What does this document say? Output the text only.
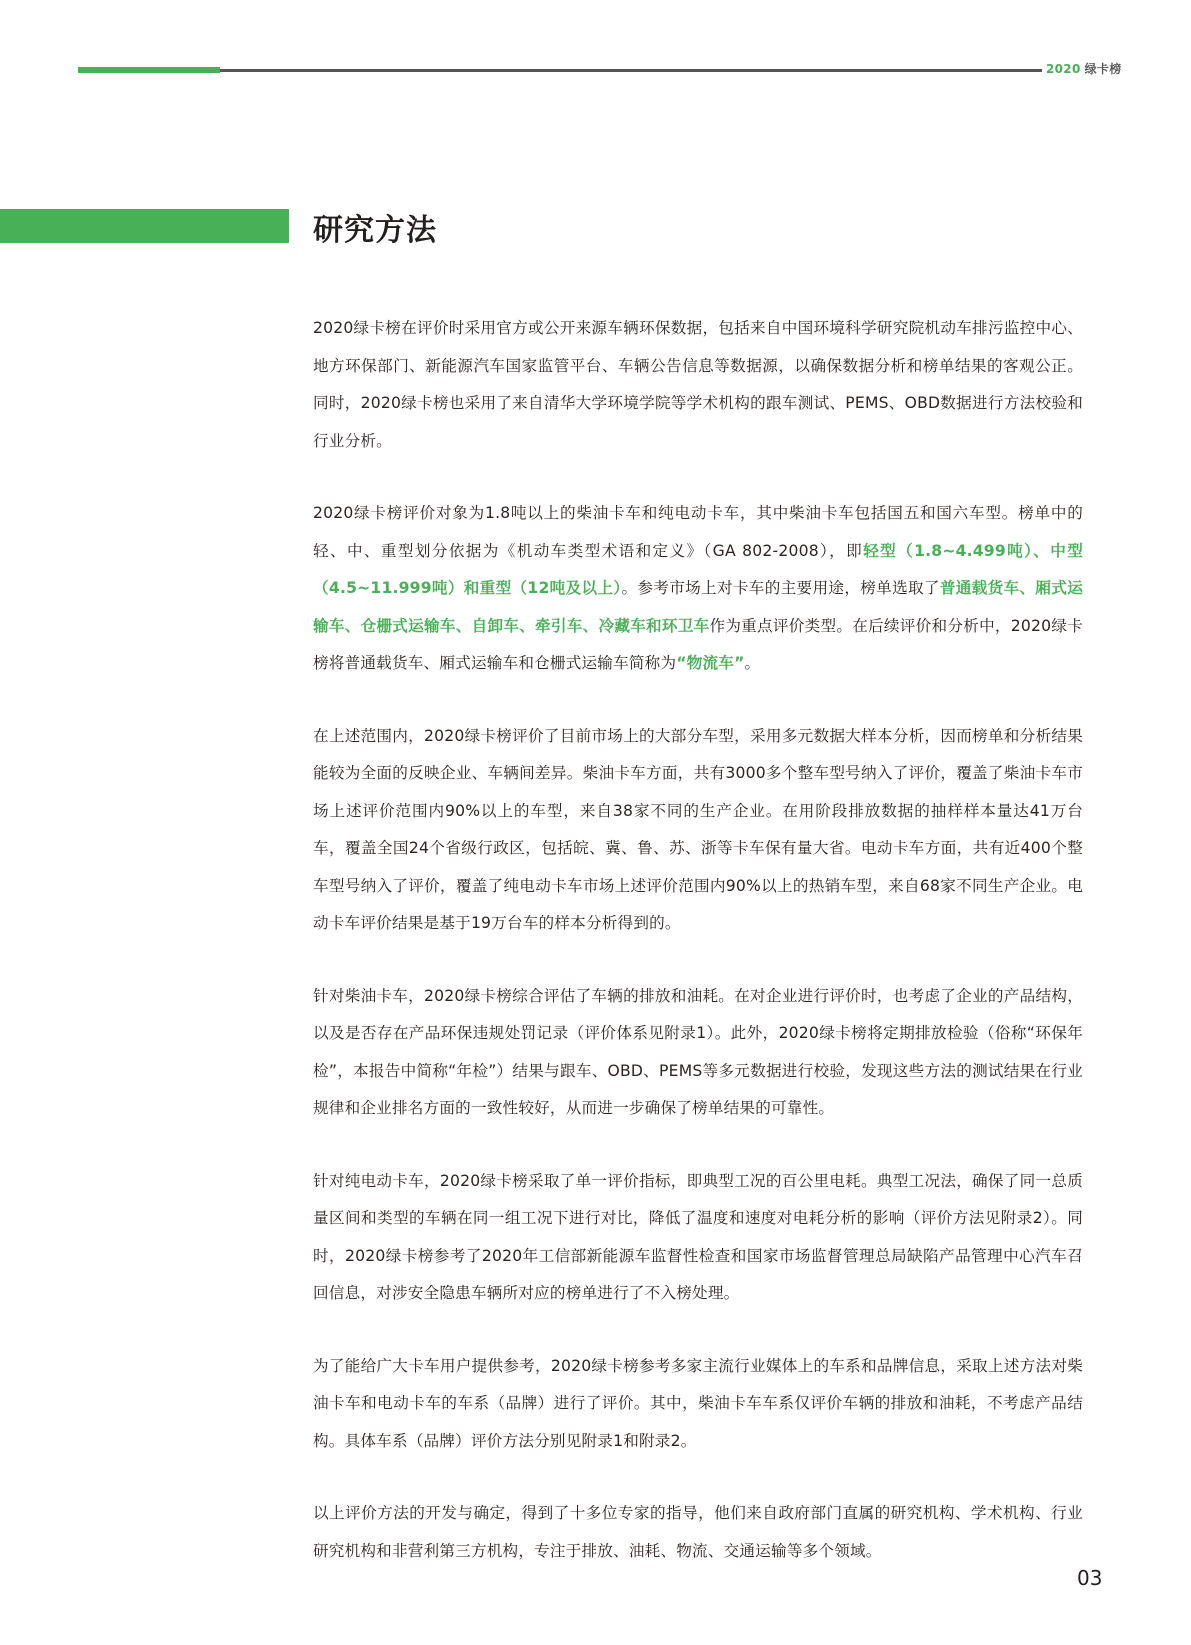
2020 绿卡榜
研究方法

2020绿卡榜在评价时采用官方或公开来源车辆环保数据，包括来自中国环境科学研究院机动车排污监控中心、地方环保部门、新能源汽车国家监管平台、车辆公告信息等数据源，以确保数据分析和榜单结果的客观公正。同时，2020绿卡榜也采用了来自清华大学环境学院等学术机构的跟车测试、PEMS、OBD数据进行方法校验和行业分析。

2020绿卡榜评价对象为1.8吨以上的柴油卡车和纯电动卡车，其中柴油卡车包括国五和国六车型。榜单中的轻、中、重型划分依据为《机动车类型术语和定义》（GA 802-2008），即轻型（1.8~4.499吨）、中型（4.5~11.999吨）和重型（12吨及以上）。参考市场上对卡车的主要用途，榜单选取了普通载货车、厢式运输车、仓栅式运输车、自卸车、牵引车、冷藏车和环卫车作为重点评价类型。在后续评价和分析中，2020绿卡榜将普通载货车、厢式运输车和仓栅式运输车简称为“物流车”。

在上述范围内，2020绿卡榜评价了目前市场上的大部分车型，采用多元数据大样本分析，因而榜单和分析结果能较为全面的反映企业、车辆间差异。柴油卡车方面，共有3000多个整车型号纳入了评价，覆盖了柴油卡车市场上述评价范围内90%以上的车型，来自38家不同的生产企业。在用阶段排放数据的抽样样本量达41万台车，覆盖全国24个省级行政区，包括皖、冀、鲁、苏、浙等卡车保有量大省。电动卡车方面，共有近400个整车型号纳入了评价，覆盖了纯电动卡车市场上述评价范围内90%以上的热销车型，来自68家不同生产企业。电动卡车评价结果是基于19万台车的样本分析得到的。

针对柴油卡车，2020绿卡榜综合评估了车辆的排放和油耗。在对企业进行评价时，也考虑了企业的产品结构，以及是否存在产品环保违规处罚记录（评价体系见附录1）。此外，2020绿卡榜将定期排放检验（俗称“环保年检”，本报告中简称“年检”）结果与跟车、OBD、PEMS等多元数据进行校验，发现这些方法的测试结果在行业规律和企业排名方面的一致性较好，从而进一步确保了榜单结果的可靠性。

针对纯电动卡车，2020绿卡榜采取了单一评价指标，即典型工况的百公里电耗。典型工况法，确保了同一总质量区间和类型的车辆在同一组工况下进行对比，降低了温度和速度对电耗分析的影响（评价方法见附录2）。同时，2020绿卡榜参考了2020年工信部新能源车监督性检查和国家市场监督管理总局缺陷产品管理中心汽车召回信息，对涉安全隐患车辆所对应的榜单进行了不入榜处理。

为了能给广大卡车用户提供参考，2020绿卡榜参考多家主流行业媒体上的车系和品牌信息，采取上述方法对柴油卡车和电动卡车的车系（品牌）进行了评价。其中，柴油卡车车系仅评价车辆的排放和油耗，不考虑产品结构。具体车系（品牌）评价方法分别见附录1和附录2。

以上评价方法的开发与确定，得到了十多位专家的指导，他们来自政府部门直属的研究机构、学术机构、行业研究机构和非营利第三方机构，专注于排放、油耗、物流、交通运输等多个领域。

03
